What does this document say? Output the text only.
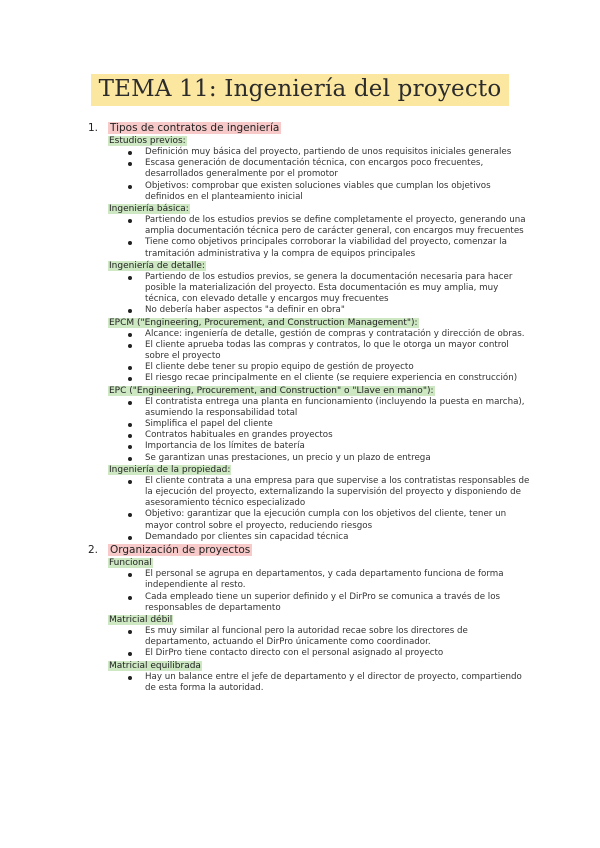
TEMA 11: Ingeniería del proyecto
1. Tipos de contratos de ingeniería
Estudios previos:
Definición muy básica del proyecto, partiendo de unos requisitos iniciales generales
Escasa generación de documentación técnica, con encargos poco frecuentes, desarrollados generalmente por el promotor
Objetivos: comprobar que existen soluciones viables que cumplan los objetivos definidos en el planteamiento inicial
Ingeniería básica:
Partiendo de los estudios previos se define completamente el proyecto, generando una amplia documentación técnica pero de carácter general, con encargos muy frecuentes
Tiene como objetivos principales corroborar la viabilidad del proyecto, comenzar la tramitación administrativa y la compra de equipos principales
Ingeniería de detalle:
Partiendo de los estudios previos, se genera la documentación necesaria para hacer posible la materialización del proyecto. Esta documentación es muy amplia, muy técnica, con elevado detalle y encargos muy frecuentes
No debería haber aspectos "a definir en obra"
EPCM ("Engineering, Procurement, and Construction Management"):
Alcance: ingeniería de detalle, gestión de compras y contratación y dirección de obras.
El cliente aprueba todas las compras y contratos, lo que le otorga un mayor control sobre el proyecto
El cliente debe tener su propio equipo de gestión de proyecto
El riesgo recae principalmente en el cliente (se requiere experiencia en construcción)
EPC ("Engineering, Procurement, and Construction" o "Llave en mano"):
El contratista entrega una planta en funcionamiento (incluyendo la puesta en marcha), asumiendo la responsabilidad total
Simplifica el papel del cliente
Contratos habituales en grandes proyectos
Importancia de los límites de batería
Se garantizan unas prestaciones, un precio y un plazo de entrega
Ingeniería de la propiedad:
El cliente contrata a una empresa para que supervise a los contratistas responsables de la ejecución del proyecto, externalizando la supervisión del proyecto y disponiendo de asesoramiento técnico especializado
Objetivo: garantizar que la ejecución cumpla con los objetivos del cliente, tener un mayor control sobre el proyecto, reduciendo riesgos
Demandado por clientes sin capacidad técnica
2. Organización de proyectos
Funcional
El personal se agrupa en departamentos, y cada departamento funciona de forma independiente al resto.
Cada empleado tiene un superior definido y el DirPro se comunica a través de los responsables de departamento
Matricial débil
Es muy similar al funcional pero la autoridad recae sobre los directores de departamento, actuando el DirPro únicamente como coordinador.
El DirPro tiene contacto directo con el personal asignado al proyecto
Matricial equilibrada
Hay un balance entre el jefe de departamento y el director de proyecto, compartiendo de esta forma la autoridad.
